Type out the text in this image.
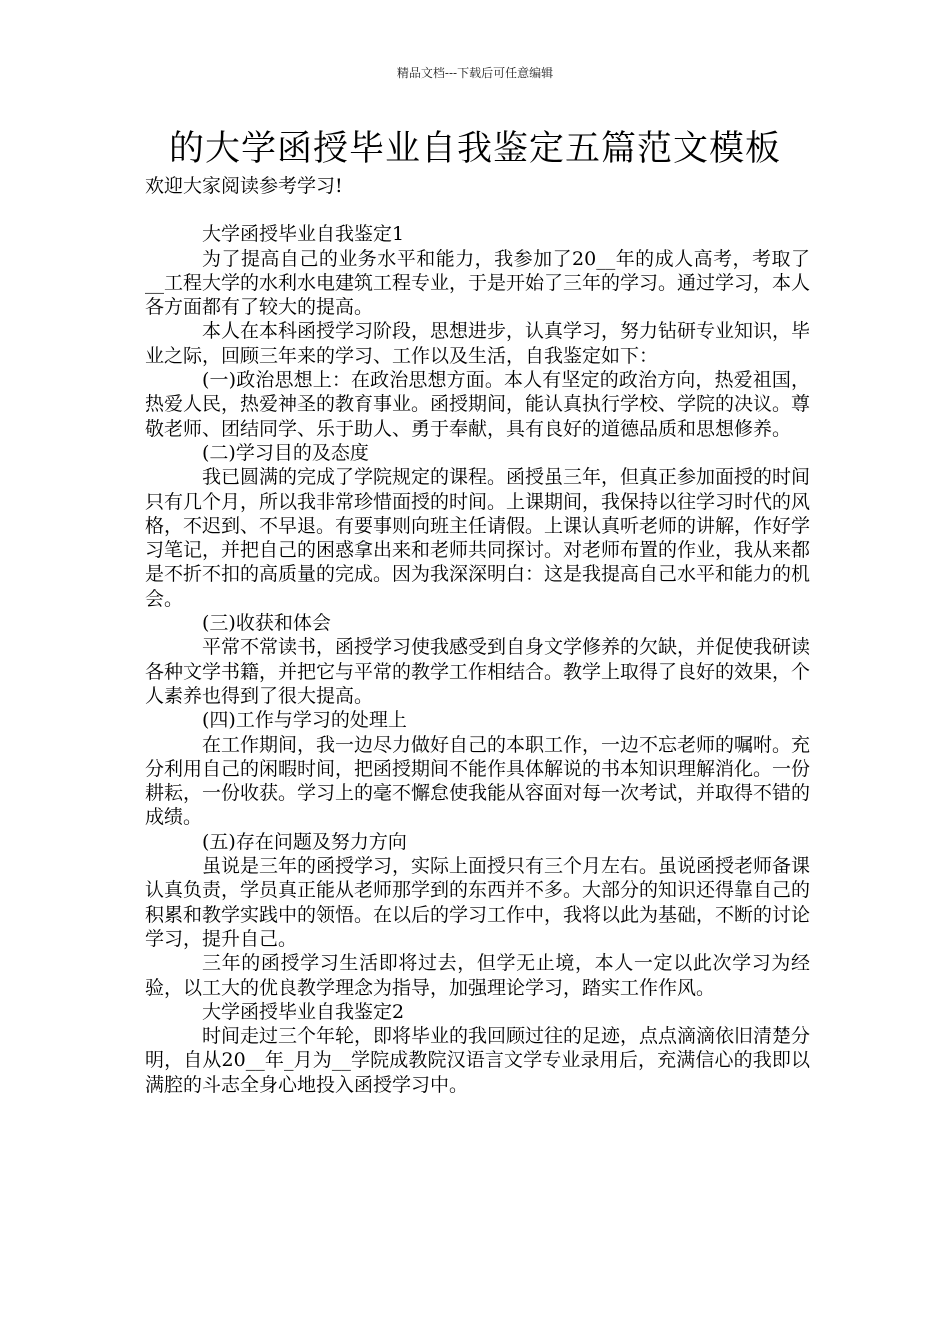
精品文档---下载后可任意编辑
的大学函授毕业自我鉴定五篇范文模板

欢迎大家阅读参考学习!

大学函授毕业自我鉴定1

为了提高自己的业务水平和能力，我参加了20__年的成人高考，考取了__工程大学的水利水电建筑工程专业，于是开始了三年的学习。通过学习，本人各方面都有了较大的提高。

本人在本科函授学习阶段，思想进步，认真学习，努力钻研专业知识，毕业之际，回顾三年来的学习、工作以及生活，自我鉴定如下：

(一)政治思想上：在政治思想方面。本人有坚定的政治方向，热爱祖国，热爱人民，热爱神圣的教育事业。函授期间，能认真执行学校、学院的决议。尊敬老师、团结同学、乐于助人、勇于奉献，具有良好的道德品质和思想修养。

(二)学习目的及态度

我已圆满的完成了学院规定的课程。函授虽三年，但真正参加面授的时间只有几个月，所以我非常珍惜面授的时间。上课期间，我保持以往学习时代的风格，不迟到、不早退。有要事则向班主任请假。上课认真听老师的讲解，作好学习笔记，并把自己的困惑拿出来和老师共同探讨。对老师布置的作业，我从来都是不折不扣的高质量的完成。因为我深深明白：这是我提高自己水平和能力的机会。

(三)收获和体会

平常不常读书，函授学习使我感受到自身文学修养的欠缺，并促使我研读各种文学书籍，并把它与平常的教学工作相结合。教学上取得了良好的效果，个人素养也得到了很大提高。

(四)工作与学习的处理上

在工作期间，我一边尽力做好自己的本职工作，一边不忘老师的嘱咐。充分利用自己的闲暇时间，把函授期间不能作具体解说的书本知识理解消化。一份耕耘，一份收获。学习上的毫不懈怠使我能从容面对每一次考试，并取得不错的成绩。

(五)存在问题及努力方向

虽说是三年的函授学习，实际上面授只有三个月左右。虽说函授老师备课认真负责，学员真正能从老师那学到的东西并不多。大部分的知识还得靠自己的积累和教学实践中的领悟。在以后的学习工作中，我将以此为基础，不断的讨论学习，提升自己。

三年的函授学习生活即将过去，但学无止境，本人一定以此次学习为经验，以工大的优良教学理念为指导，加强理论学习，踏实工作作风。

大学函授毕业自我鉴定2

时间走过三个年轮，即将毕业的我回顾过往的足迹，点点滴滴依旧清楚分明，自从20__年_月为__学院成教院汉语言文学专业录用后，充满信心的我即以满腔的斗志全身心地投入函授学习中。
